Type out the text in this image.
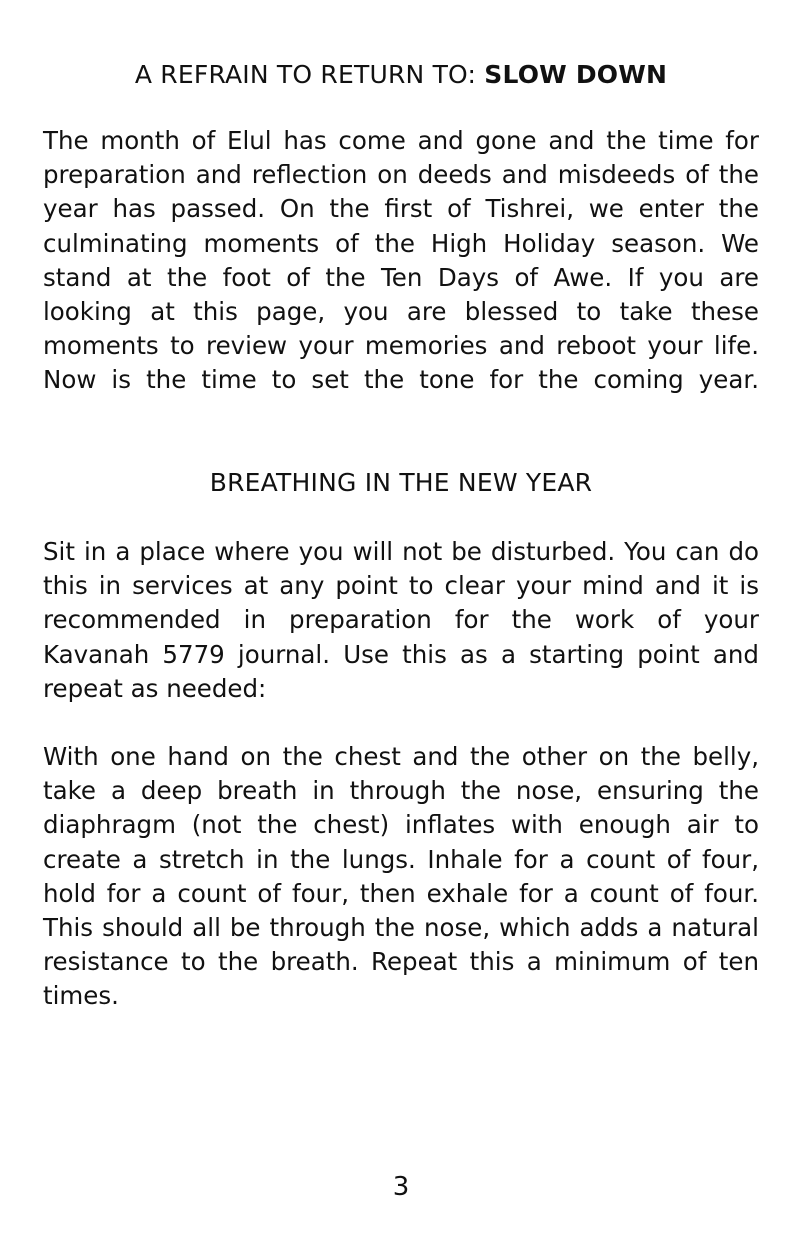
A REFRAIN TO RETURN TO: SLOW DOWN

The month of Elul has come and gone and the time for preparation and reflection on deeds and misdeeds of the year has passed. On the first of Tishrei, we enter the culminating moments of the High Holiday season. We stand at the foot of the Ten Days of Awe. If you are looking at this page, you are blessed to take these moments to review your memories and reboot your life. Now is the time to set the tone for the coming year.

BREATHING IN THE NEW YEAR

Sit in a place where you will not be disturbed. You can do this in services at any point to clear your mind and it is recommended in preparation for the work of your Kavanah 5779 journal. Use this as a starting point and repeat as needed:

With one hand on the chest and the other on the belly, take a deep breath in through the nose, ensuring the diaphragm (not the chest) inflates with enough air to create a stretch in the lungs. Inhale for a count of four, hold for a count of four, then exhale for a count of four. This should all be through the nose, which adds a natural resistance to the breath. Repeat this a minimum of ten times.

3
